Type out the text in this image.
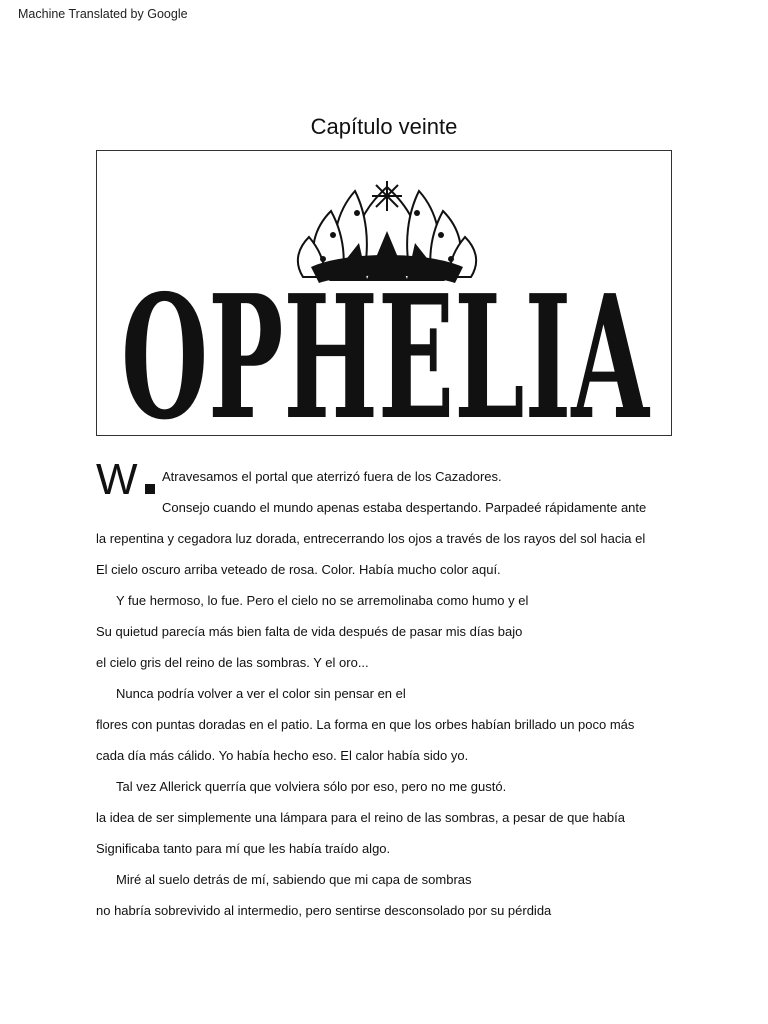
Machine Translated by Google
Capítulo veinte
OPHELIA
W Atravesamos el portal que aterrizó fuera de los Cazadores.
Consejo cuando el mundo apenas estaba despertando. Parpadeé rápidamente ante
la repentina y cegadora luz dorada, entrecerrando los ojos a través de los rayos del sol hacia el
El cielo oscuro arriba veteado de rosa. Color. Había mucho color aquí.
Y fue hermoso, lo fue. Pero el cielo no se arremolinaba como humo y el
Su quietud parecía más bien falta de vida después de pasar mis días bajo
el cielo gris del reino de las sombras. Y el oro...
Nunca podría volver a ver el color sin pensar en el
flores con puntas doradas en el patio. La forma en que los orbes habían brillado un poco más
cada día más cálido. Yo había hecho eso. El calor había sido yo.
Tal vez Allerick querría que volviera sólo por eso, pero no me gustó.
la idea de ser simplemente una lámpara para el reino de las sombras, a pesar de que había
Significaba tanto para mí que les había traído algo.
Miré al suelo detrás de mí, sabiendo que mi capa de sombras
no habría sobrevivido al intermedio, pero sentirse desconsolado por su pérdida
